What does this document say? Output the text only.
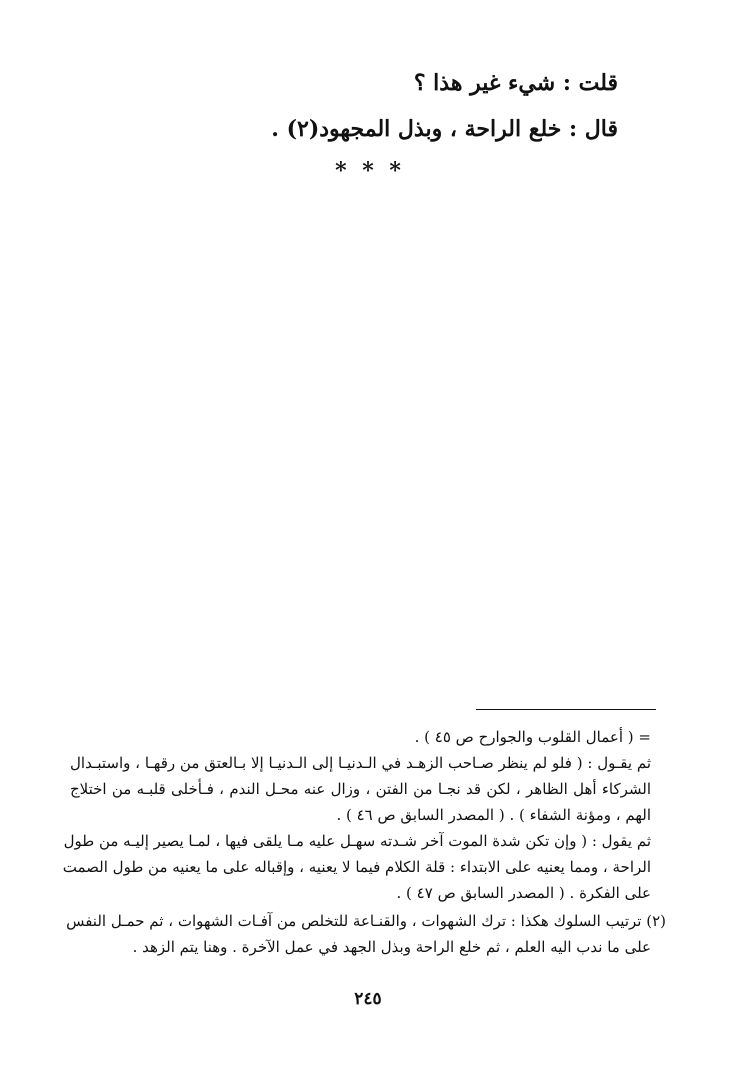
قلت : شيء غير هذا ؟
قال : خلع الراحة ، وبذل المجهود(٢) .
* * *
= ( أعمال القلوب والجوارح ص ٤٥ ) .
ثم يقـول : ( فلو لم ينظر صـاحب الزهـد في الـدنيـا إلى الـدنيـا إلا بـالعتق من رقهـا ، واستبـدال
الشركاء أهل الظاهر ، لكن قد نجـا من الفتن ، وزال عنه محـل الندم ، فـأخلى قلبـه من اختلاج
الهم ، ومؤنة الشفاء ) . ( المصدر السابق ص ٤٦ ) .
ثم يقول : ( وإن تكن شدة الموت آخر شـدته سهـل عليه مـا يلقى فيها ، لمـا يصير إليـه من طول
الراحة ، ومما يعنيه على الابتداء : قلة الكلام فيما لا يعنيه ، وإقباله على ما يعنيه من طول الصمت
على الفكرة . ( المصدر السابق ص ٤٧ ) .
(٢) ترتيب السلوك هكذا : ترك الشهوات ، والقنـاعة للتخلص من آفـات الشهوات ، ثم حمـل النفس
على ما ندب اليه العلم ، ثم خلع الراحة وبذل الجهد في عمل الآخرة . وهنا يتم الزهد .
٢٤٥
